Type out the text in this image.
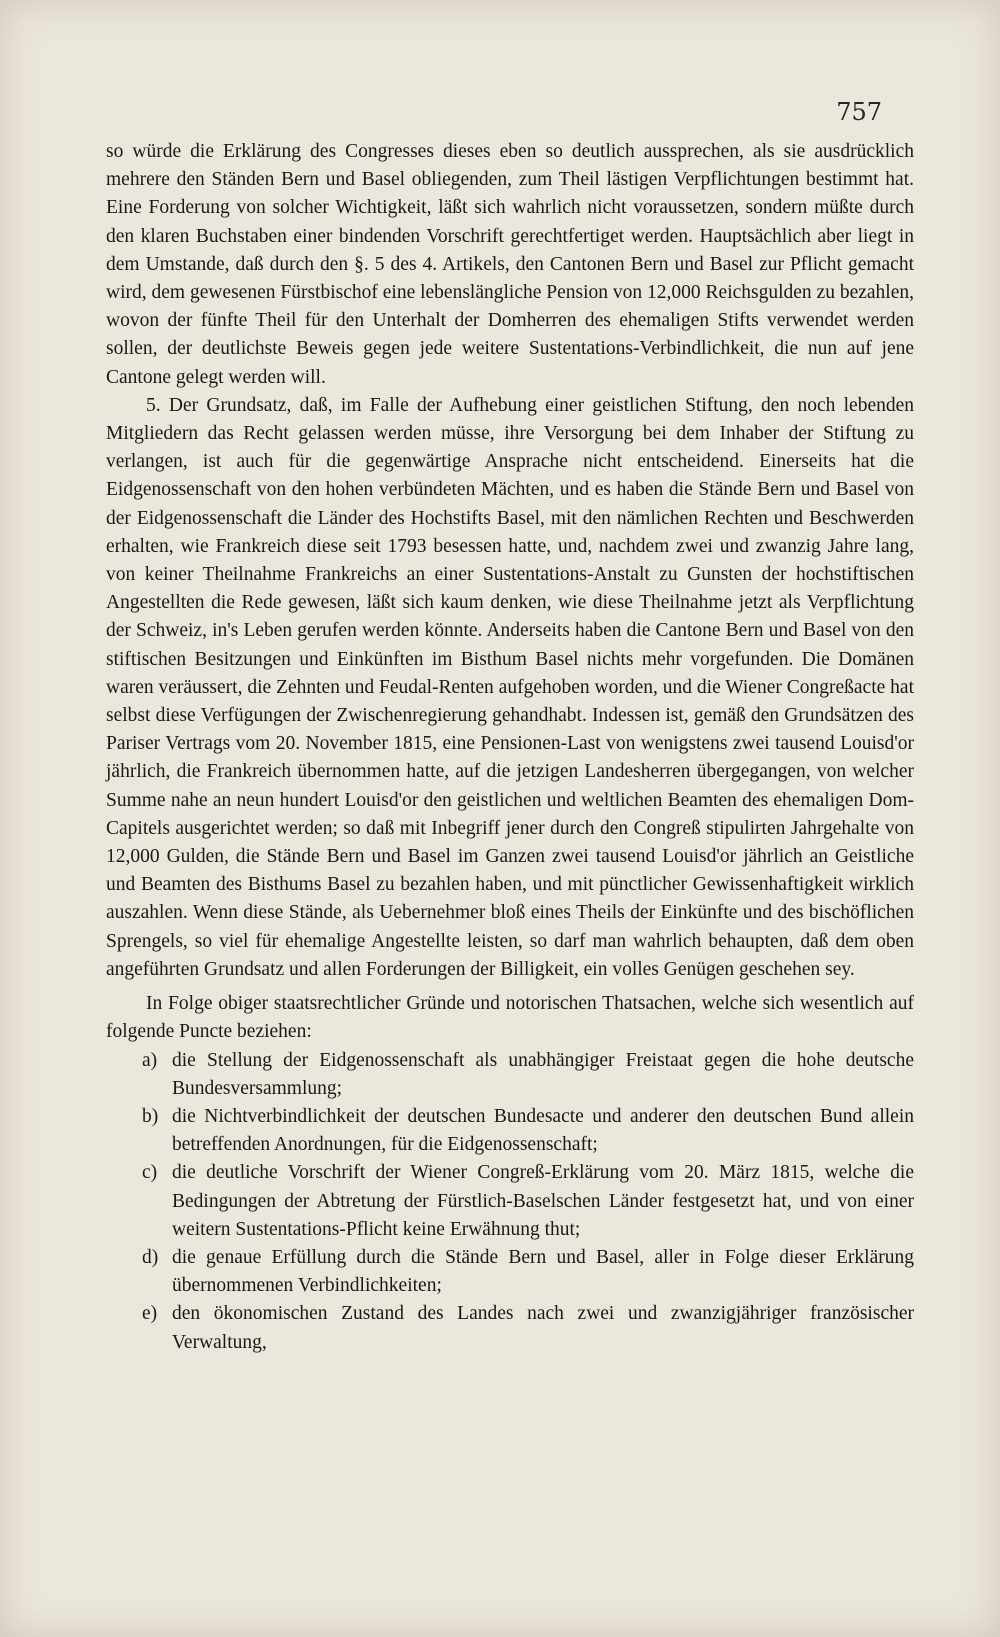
757

so würde die Erklärung des Congresses dieses eben so deutlich aussprechen, als sie ausdrücklich mehrere den Ständen Bern und Basel obliegenden, zum Theil lästigen Verpflichtungen bestimmt hat. Eine Forderung von solcher Wichtigkeit, läßt sich wahrlich nicht voraussetzen, sondern müßte durch den klaren Buchstaben einer bindenden Vorschrift gerechtfertiget werden. Hauptsächlich aber liegt in dem Umstande, daß durch den §. 5 des 4. Artikels, den Cantonen Bern und Basel zur Pflicht gemacht wird, dem gewesenen Fürstbischof eine lebenslängliche Pension von 12,000 Reichsgulden zu bezahlen, wovon der fünfte Theil für den Unterhalt der Domherren des ehemaligen Stifts verwendet werden sollen, der deutlichste Beweis gegen jede weitere Sustentations-Verbindlichkeit, die nun auf jene Cantone gelegt werden will.

5. Der Grundsatz, daß, im Falle der Aufhebung einer geistlichen Stiftung, den noch lebenden Mitgliedern das Recht gelassen werden müsse, ihre Versorgung bei dem Inhaber der Stiftung zu verlangen, ist auch für die gegenwärtige Ansprache nicht entscheidend. Einerseits hat die Eidgenossenschaft von den hohen verbündeten Mächten, und es haben die Stände Bern und Basel von der Eidgenossenschaft die Länder des Hochstifts Basel, mit den nämlichen Rechten und Beschwerden erhalten, wie Frankreich diese seit 1793 besessen hatte, und, nachdem zwei und zwanzig Jahre lang, von keiner Theilnahme Frankreichs an einer Sustentations-Anstalt zu Gunsten der hochstiftischen Angestellten die Rede gewesen, läßt sich kaum denken, wie diese Theilnahme jetzt als Verpflichtung der Schweiz, in's Leben gerufen werden könnte. Anderseits haben die Cantone Bern und Basel von den stiftischen Besitzungen und Einkünften im Bisthum Basel nichts mehr vorgefunden. Die Domänen waren veräussert, die Zehnten und Feudal-Renten aufgehoben worden, und die Wiener Congreßacte hat selbst diese Verfügungen der Zwischenregierung gehandhabt. Indessen ist, gemäß den Grundsätzen des Pariser Vertrags vom 20. November 1815, eine Pensionen-Last von wenigstens zwei tausend Louisd'or jährlich, die Frankreich übernommen hatte, auf die jetzigen Landesherren übergegangen, von welcher Summe nahe an neun hundert Louisd'or den geistlichen und weltlichen Beamten des ehemaligen Dom-Capitels ausgerichtet werden; so daß mit Inbegriff jener durch den Congreß stipulirten Jahrgehalte von 12,000 Gulden, die Stände Bern und Basel im Ganzen zwei tausend Louisd'or jährlich an Geistliche und Beamten des Bisthums Basel zu bezahlen haben, und mit pünctlicher Gewissenhaftigkeit wirklich auszahlen. Wenn diese Stände, als Uebernehmer bloß eines Theils der Einkünfte und des bischöflichen Sprengels, so viel für ehemalige Angestellte leisten, so darf man wahrlich behaupten, daß dem oben angeführten Grundsatz und allen Forderungen der Billigkeit, ein volles Genügen geschehen sey.

In Folge obiger staatsrechtlicher Gründe und notorischen Thatsachen, welche sich wesentlich auf folgende Puncte beziehen:

a) die Stellung der Eidgenossenschaft als unabhängiger Freistaat gegen die hohe deutsche Bundesversammlung;
b) die Nichtverbindlichkeit der deutschen Bundesacte und anderer den deutschen Bund allein betreffenden Anordnungen, für die Eidgenossenschaft;
c) die deutliche Vorschrift der Wiener Congreß-Erklärung vom 20. März 1815, welche die Bedingungen der Abtretung der Fürstlich-Baselschen Länder festgesetzt hat, und von einer weitern Sustentations-Pflicht keine Erwähnung thut;
d) die genaue Erfüllung durch die Stände Bern und Basel, aller in Folge dieser Erklärung übernommenen Verbindlichkeiten;
e) den ökonomischen Zustand des Landes nach zwei und zwanzigjähriger französischer Verwaltung,
